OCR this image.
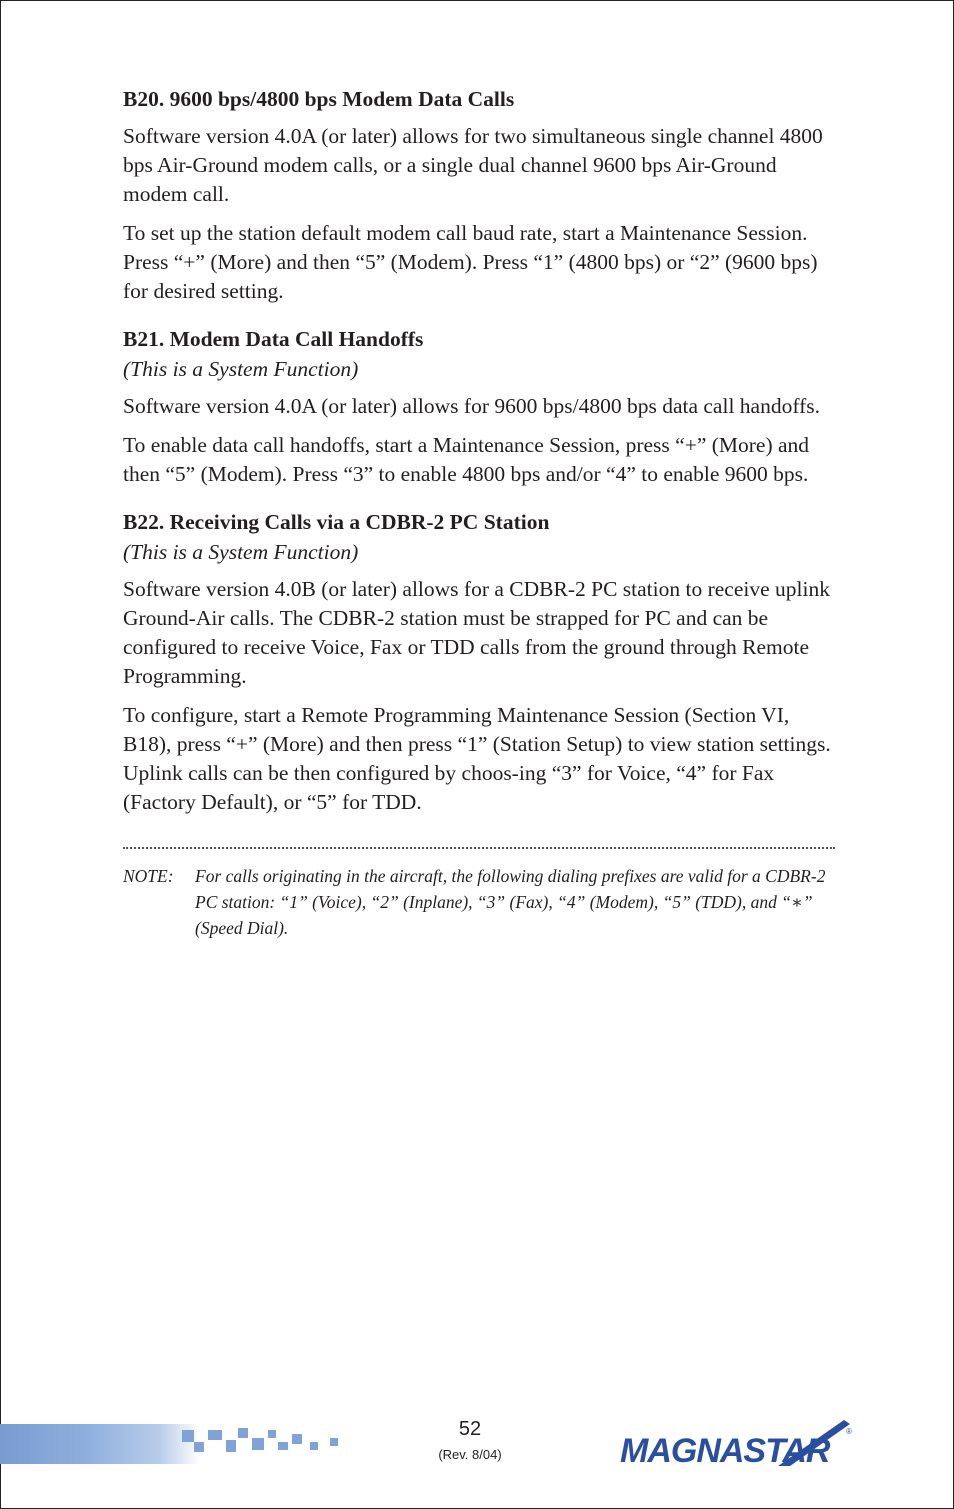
B20. 9600 bps/4800 bps Modem Data Calls

Software version 4.0A (or later) allows for two simultaneous single channel 4800 bps Air-Ground modem calls, or a single dual channel 9600 bps Air-Ground modem call.

To set up the station default modem call baud rate, start a Maintenance Session. Press “+” (More) and then “5” (Modem). Press “1” (4800 bps) or “2” (9600 bps) for desired setting.

B21. Modem Data Call Handoffs

(This is a System Function)

Software version 4.0A (or later) allows for 9600 bps/4800 bps data call handoffs.

To enable data call handoffs, start a Maintenance Session, press “+” (More) and then “5” (Modem). Press “3” to enable 4800 bps and/or “4” to enable 9600 bps.

B22. Receiving Calls via a CDBR-2 PC Station

(This is a System Function)

Software version 4.0B (or later) allows for a CDBR-2 PC station to receive uplink Ground-Air calls. The CDBR-2 station must be strapped for PC and can be configured to receive Voice, Fax or TDD calls from the ground through Remote Programming.

To configure, start a Remote Programming Maintenance Session (Section VI, B18), press “+” (More) and then press “1” (Station Setup) to view station settings. Uplink calls can be then configured by choos-ing “3” for Voice, “4” for Fax (Factory Default), or “5” for TDD.

NOTE:	For calls originating in the aircraft, the following dialing prefixes are valid for a CDBR-2 PC station: “1” (Voice), “2” (Inplane), “3” (Fax), “4” (Modem), “5” (TDD), and “∗” (Speed Dial).
52
(Rev. 8/04)	MAGNASTAR
®
